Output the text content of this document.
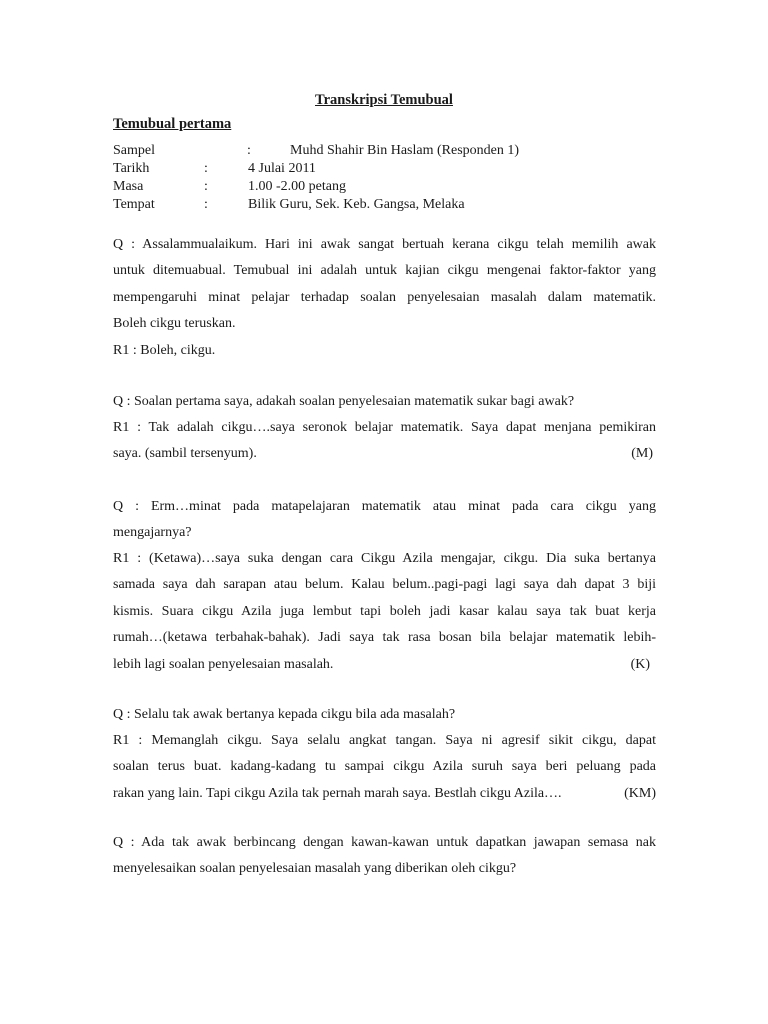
Transkripsi Temubual
Temubual pertama
Sampel	:	Muhd Shahir Bin Haslam (Responden 1)
Tarikh	:	4 Julai 2011
Masa	:	1.00 -2.00 petang
Tempat	:	Bilik Guru, Sek. Keb. Gangsa, Melaka
Q : Assalammualaikum. Hari ini awak sangat bertuah kerana cikgu telah memilih awak
untuk ditemuabual. Temubual ini adalah untuk kajian cikgu mengenai faktor-faktor yang
mempengaruhi minat pelajar terhadap soalan penyelesaian masalah dalam matematik.
Boleh cikgu teruskan.
R1 : Boleh, cikgu.
Q : Soalan pertama saya, adakah soalan penyelesaian matematik sukar bagi awak?
R1 : Tak adalah cikgu….saya seronok belajar matematik. Saya dapat menjana pemikiran
saya. (sambil tersenyum).	(M)
Q : Erm…minat pada matapelajaran matematik atau minat pada cara cikgu yang
mengajarnya?
R1 : (Ketawa)…saya suka dengan cara Cikgu Azila mengajar, cikgu. Dia suka bertanya
samada saya dah sarapan atau belum. Kalau belum..pagi-pagi lagi saya dah dapat 3 biji
kismis. Suara cikgu Azila juga lembut tapi boleh jadi kasar kalau saya tak buat kerja
rumah…(ketawa terbahak-bahak). Jadi saya tak rasa bosan bila belajar matematik lebih-
lebih lagi soalan penyelesaian masalah.	(K)
Q : Selalu tak awak bertanya kepada cikgu bila ada masalah?
R1 : Memanglah cikgu. Saya selalu angkat tangan. Saya ni agresif sikit cikgu, dapat
soalan terus buat. kadang-kadang tu sampai cikgu Azila suruh saya beri peluang pada
rakan yang lain. Tapi cikgu Azila tak pernah marah saya. Bestlah cikgu Azila….	(KM)
Q : Ada tak awak berbincang dengan kawan-kawan untuk dapatkan jawapan semasa nak
menyelesaikan soalan penyelesaian masalah yang diberikan oleh cikgu?
